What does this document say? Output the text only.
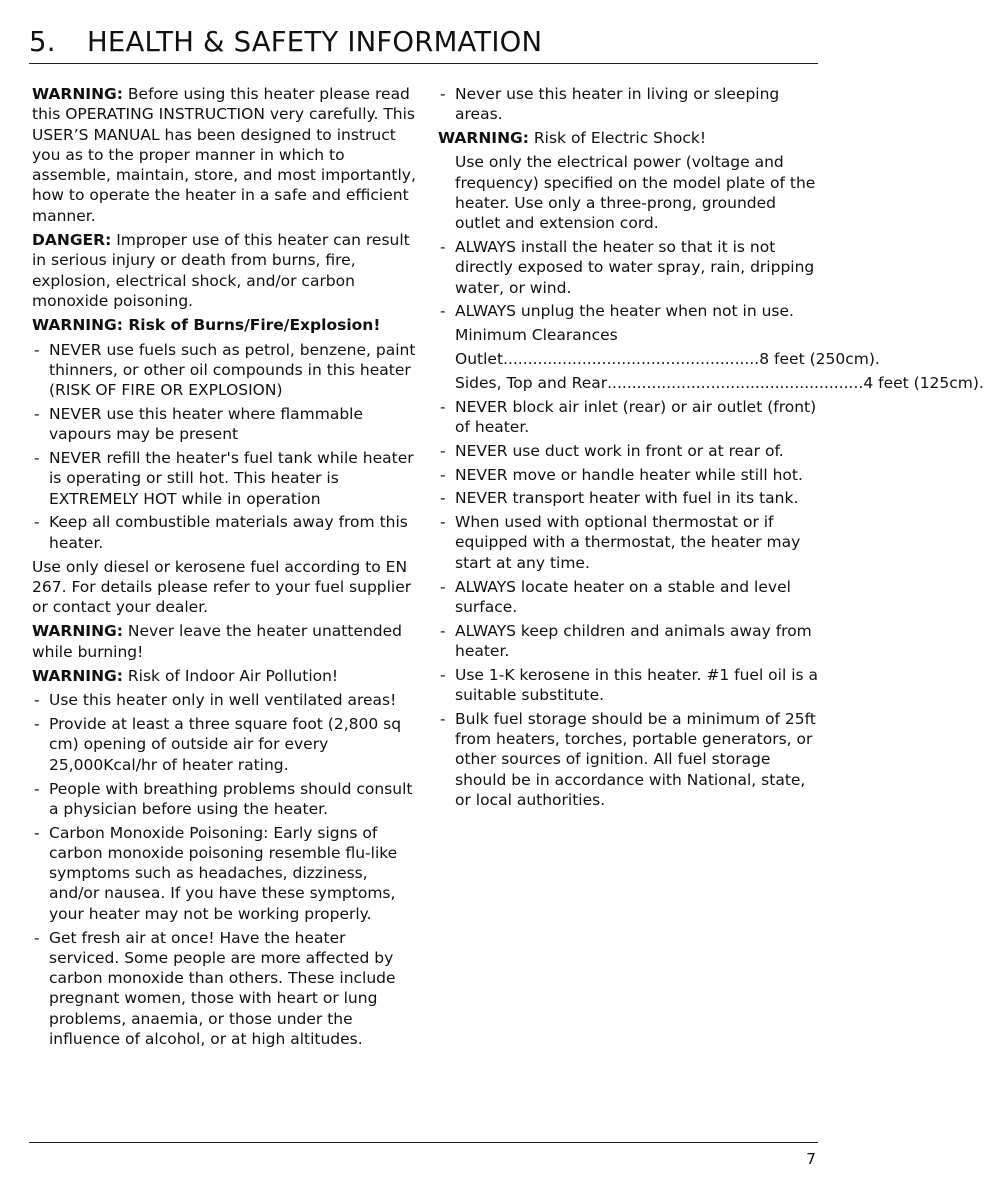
5. HEALTH & SAFETY INFORMATION

WARNING: Before using this heater please read this OPERATING INSTRUCTION very carefully. This USER’S MANUAL has been designed to instruct you as to the proper manner in which to assemble, maintain, store, and most importantly, how to operate the heater in a safe and efficient manner.

DANGER: Improper use of this heater can result in serious injury or death from burns, fire, explosion, electrical shock, and/or carbon monoxide poisoning.

WARNING: Risk of Burns/Fire/Explosion!

- NEVER use fuels such as petrol, benzene, paint thinners, or other oil compounds in this heater (RISK OF FIRE OR EXPLOSION)
- NEVER use this heater where flammable vapours may be present
- NEVER refill the heater's fuel tank while heater is operating or still hot. This heater is EXTREMELY HOT while in operation
- Keep all combustible materials away from this heater.

Use only diesel or kerosene fuel according to EN 267. For details please refer to your fuel supplier or contact your dealer.

WARNING: Never leave the heater unattended while burning!

WARNING: Risk of Indoor Air Pollution!

- Use this heater only in well ventilated areas!
- Provide at least a three square foot (2,800 sq cm) opening of outside air for every 25,000Kcal/hr of heater rating.
- People with breathing problems should consult a physician before using the heater.
- Carbon Monoxide Poisoning: Early signs of carbon monoxide poisoning resemble flu-like symptoms such as headaches, dizziness, and/or nausea. If you have these symptoms, your heater may not be working properly.
- Get fresh air at once! Have the heater serviced. Some people are more affected by carbon monoxide than others. These include pregnant women, those with heart or lung problems, anaemia, or those under the influence of alcohol, or at high altitudes.
- Never use this heater in living or sleeping areas.

WARNING: Risk of Electric Shock!

Use only the electrical power (voltage and frequency) specified on the model plate of the heater. Use only a three-prong, grounded outlet and extension cord.

- ALWAYS install the heater so that it is not directly exposed to water spray, rain, dripping water, or wind.
- ALWAYS unplug the heater when not in use.

Minimum Clearances

Outlet .................................................... 8 feet (250cm).
Sides, Top and Rear .................................................... 4 feet (125cm).
- NEVER block air inlet (rear) or air outlet (front) of heater.
- NEVER use duct work in front or at rear of.
- NEVER move or handle heater while still hot.
- NEVER transport heater with fuel in its tank.
- When used with optional thermostat or if equipped with a thermostat, the heater may start at any time.
- ALWAYS locate heater on a stable and level surface.
- ALWAYS keep children and animals away from heater.
- Use 1-K kerosene in this heater. #1 fuel oil is a suitable substitute.
- Bulk fuel storage should be a minimum of 25ft from heaters, torches, portable generators, or other sources of ignition. All fuel storage should be in accordance with National, state, or local authorities.
7
